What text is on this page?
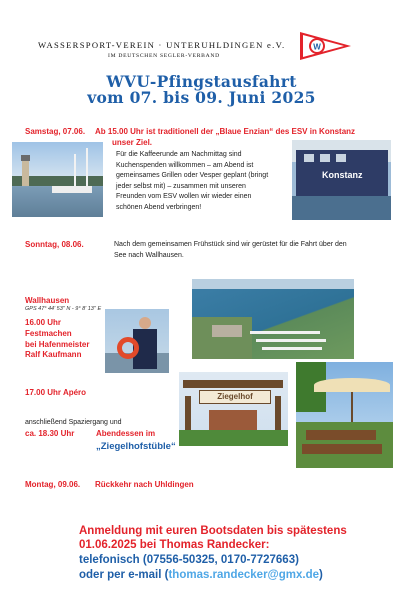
WASSERSPORT-VEREIN · UNTERUHLDINGEN e.V.
IM DEUTSCHEN SEGLER-VERBAND
W
WVU-Pfingstausfahrt
vom 07. bis 09. Juni 2025
Samstag, 07.06. Ab 15.00 Uhr ist traditionell der „Blaue Enzian“ des ESV in Konstanz
unser Ziel.
Für die Kaffeerunde am Nachmittag sind
Kuchenspenden willkommen – am Abend ist
gemeinsames Grillen oder Vesper geplant (bringt
jeder selbst mit) – zusammen mit unseren
Freunden vom ESV wollen wir wieder einen
schönen Abend verbringen!
Konstanz
Sonntag, 08.06.	Nach dem gemeinsamen Frühstück sind wir gerüstet für die Fahrt über den
See nach Wallhausen.
Wallhausen
GPS 47° 44' 53'' N - 9° 8' 13'' E
16.00 Uhr
Festmachen
bei Hafenmeister
Ralf Kaufmann
17.00 Uhr Apéro
anschließend Spaziergang und
ca. 18.30 Uhr	Abendessen im
„Ziegelhofstüble“
Ziegelhof
Montag, 09.06. Rückkehr nach Uhldingen
Anmeldung mit euren Bootsdaten bis spätestens
01.06.2025 bei Thomas Randecker:
telefonisch (07556-50325, 0170-7727663)
oder per e-mail (thomas.randecker@gmx.de)
